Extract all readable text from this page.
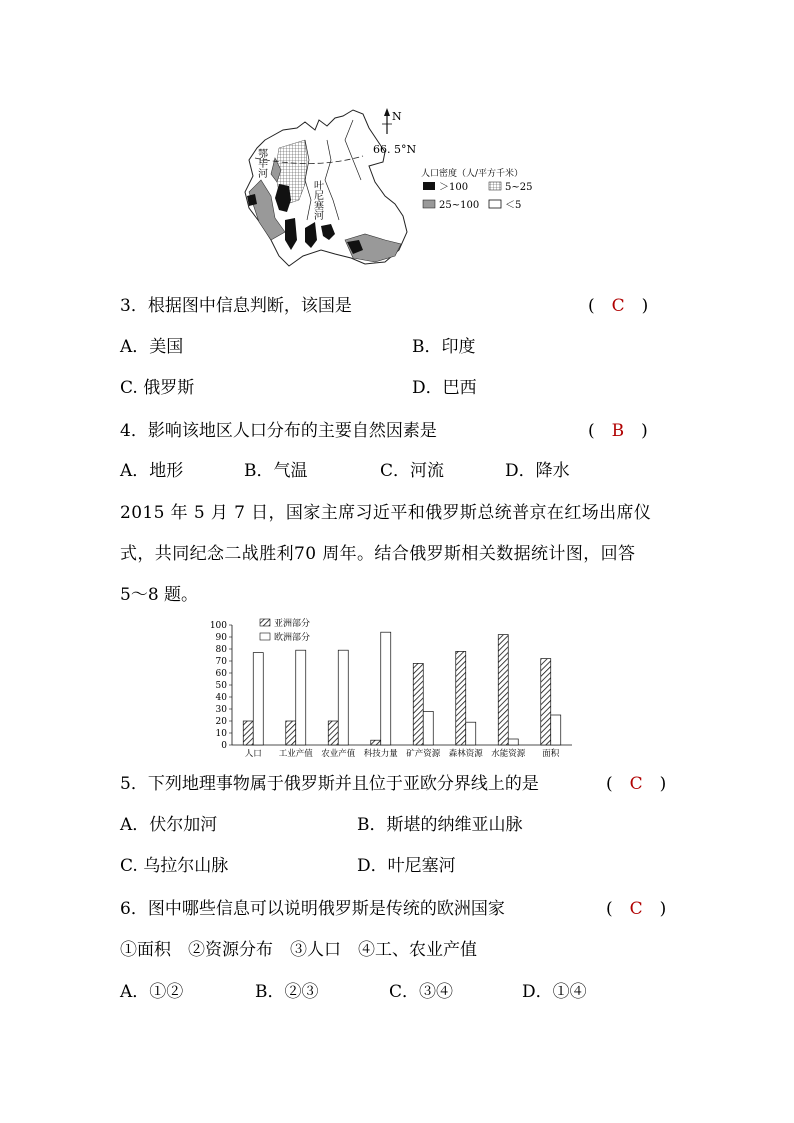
鄂毕河
叶尼塞河
N
66. 5°N
人口密度（人/平方千米）
＞100	5~25
25~100	＜5
3．根据图中信息判断，该国是	(　C　)
A．美国	B．印度
C. 俄罗斯	D．巴西
4．影响该地区人口分布的主要自然因素是	(　B　)
A．地形	B．气温	C．河流	D．降水
2015 年 5 月 7 日，国家主席习近平和俄罗斯总统普京在红场出席仪
式，共同纪念二战胜利70 周年。结合俄罗斯相关数据统计图，回答
5～8 题。
0
10
20
30
40
50
60
70
80
90
100
人口 工业产值 农业产值 科技力量 矿产资源 森林资源 水能资源 面积
亚洲部分
欧洲部分
5．下列地理事物属于俄罗斯并且位于亚欧分界线上的是	(　C　)
A．伏尔加河	B．斯堪的纳维亚山脉
C. 乌拉尔山脉	D．叶尼塞河
6．图中哪些信息可以说明俄罗斯是传统的欧洲国家	(　C　)
①面积　②资源分布　③人口　④工、农业产值
A．①②	B．②③	C．③④	D．①④
